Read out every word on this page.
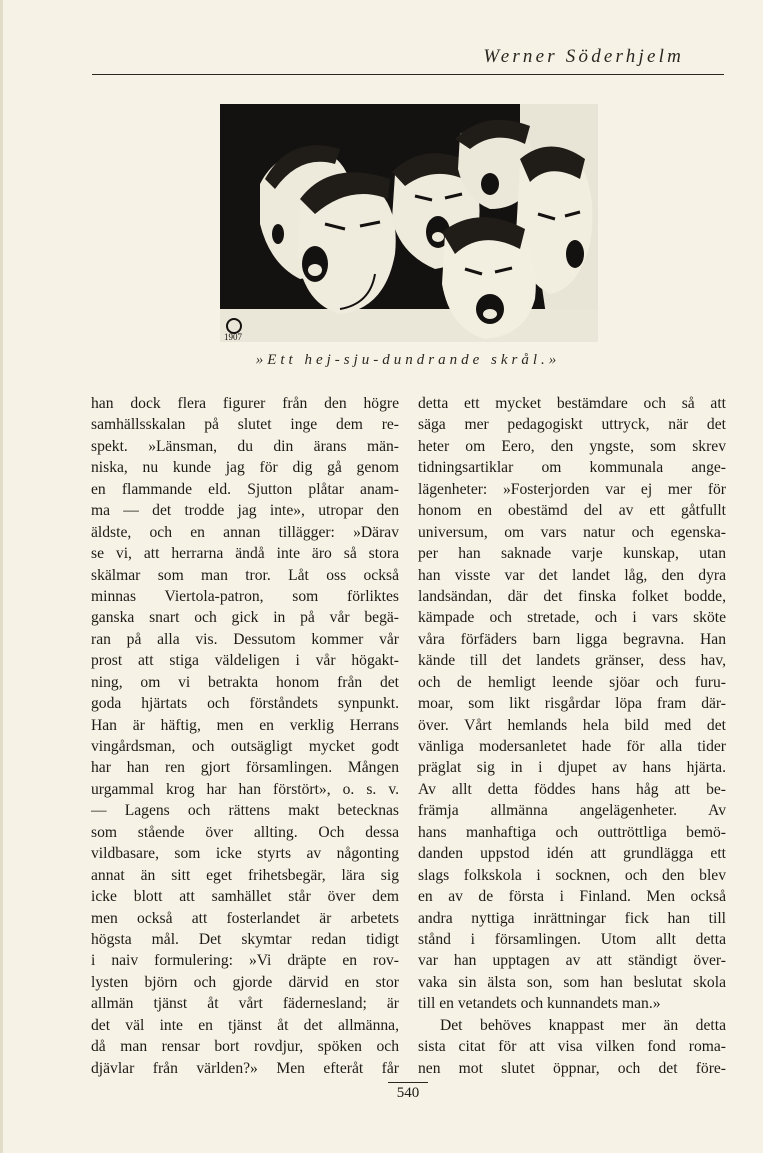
Werner Söderhjelm
1907
»Ett hej-sju-dundrande skrål.»
han dock flera figurer från den högre
samhällsskalan på slutet inge dem re-
spekt. »Länsman, du din ärans män-
niska, nu kunde jag för dig gå genom
en flammande eld. Sjutton plåtar anam-
ma — det trodde jag inte», utropar den
äldste, och en annan tillägger: »Därav
se vi, att herrarna ändå inte äro så stora
skälmar som man tror. Låt oss också
minnas Viertola-patron, som förliktes
ganska snart och gick in på vår begä-
ran på alla vis. Dessutom kommer vår
prost att stiga väldeligen i vår högakt-
ning, om vi betrakta honom från det
goda hjärtats och förståndets synpunkt.
Han är häftig, men en verklig Herrans
vingårdsman, och outsägligt mycket godt
har han ren gjort församlingen. Mången
urgammal krog har han förstört», o. s. v.
— Lagens och rättens makt betecknas
som stående över allting. Och dessa
vildbasare, som icke styrts av någonting
annat än sitt eget frihetsbegär, lära sig
icke blott att samhället står över dem
men också att fosterlandet är arbetets
högsta mål. Det skymtar redan tidigt
i naiv formulering: »Vi dräpte en rov-
lysten björn och gjorde därvid en stor
allmän tjänst åt vårt fädernesland; är
det väl inte en tjänst åt det allmänna,
då man rensar bort rovdjur, spöken och
djävlar från världen?» Men efteråt får
detta ett mycket bestämdare och så att
säga mer pedagogiskt uttryck, när det
heter om Eero, den yngste, som skrev
tidningsartiklar om kommunala ange-
lägenheter: »Fosterjorden var ej mer för
honom en obestämd del av ett gåtfullt
universum, om vars natur och egenska-
per han saknade varje kunskap, utan
han visste var det landet låg, den dyra
landsändan, där det finska folket bodde,
kämpade och stretade, och i vars sköte
våra förfäders barn ligga begravna. Han
kände till det landets gränser, dess hav,
och de hemligt leende sjöar och furu-
moar, som likt risgårdar löpa fram där-
över. Vårt hemlands hela bild med det
vänliga modersanletet hade för alla tider
präglat sig in i djupet av hans hjärta.
Av allt detta föddes hans håg att be-
främja allmänna angelägenheter. Av
hans manhaftiga och outtröttliga bemö-
danden uppstod idén att grundlägga ett
slags folkskola i socknen, och den blev
en av de första i Finland. Men också
andra nyttiga inrättningar fick han till
stånd i församlingen. Utom allt detta
var han upptagen av att ständigt över-
vaka sin älsta son, som han beslutat skola
till en vetandets och kunnandets man.»
Det behöves knappast mer än detta
sista citat för att visa vilken fond roma-
nen mot slutet öppnar, och det före-
540
